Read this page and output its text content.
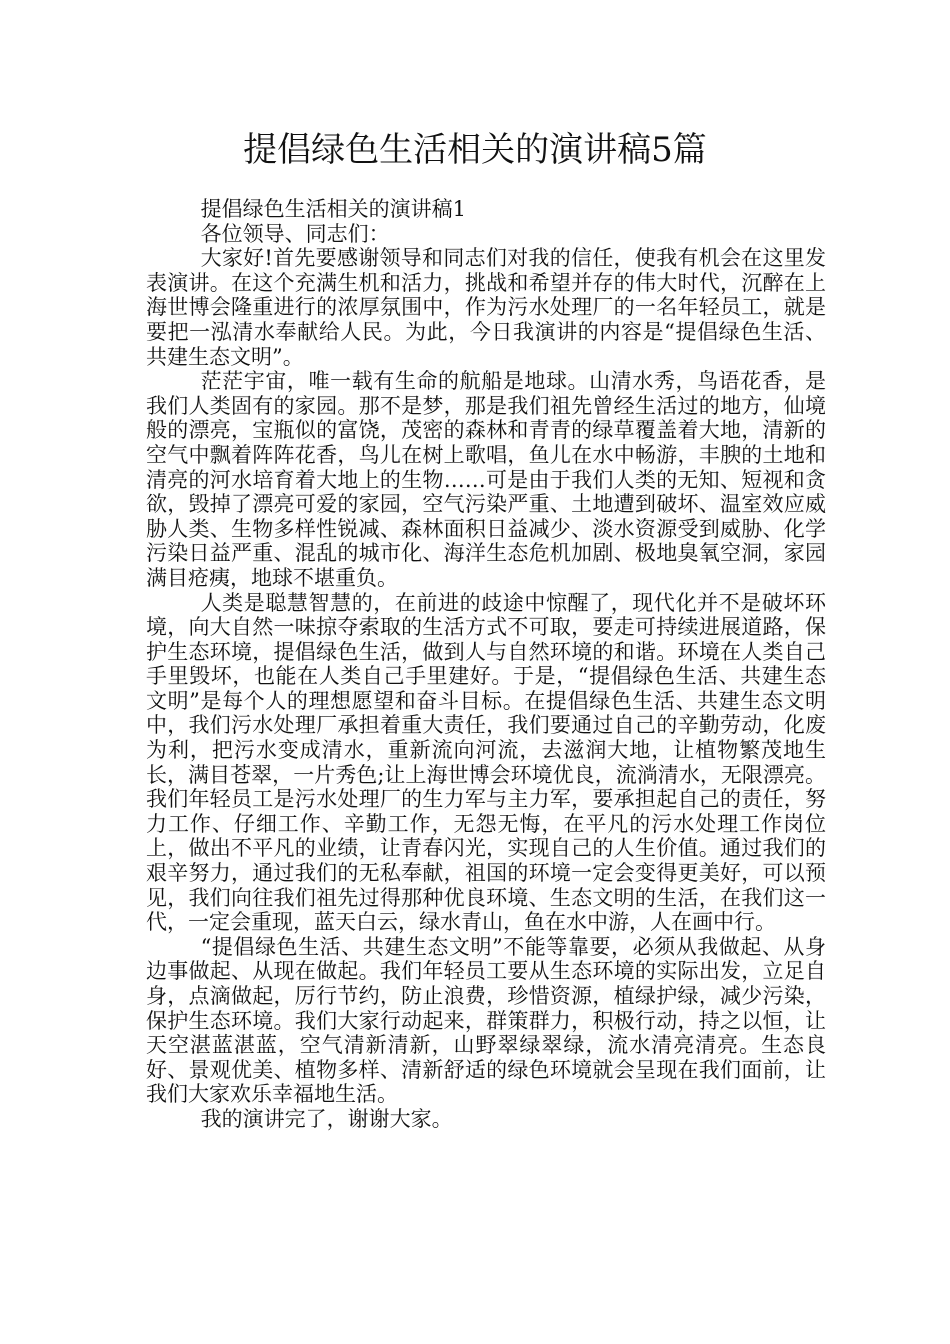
提倡绿色生活相关的演讲稿5篇

提倡绿色生活相关的演讲稿1

各位领导、同志们：

大家好!首先要感谢领导和同志们对我的信任，使我有机会在这里发表演讲。在这个充满生机和活力，挑战和希望并存的伟大时代，沉醉在上海世博会隆重进行的浓厚氛围中，作为污水处理厂的一名年轻员工，就是要把一泓清水奉献给人民。为此，今日我演讲的内容是“提倡绿色生活、共建生态文明”。

茫茫宇宙，唯一载有生命的航船是地球。山清水秀，鸟语花香，是我们人类固有的家园。那不是梦，那是我们祖先曾经生活过的地方，仙境般的漂亮，宝瓶似的富饶，茂密的森林和青青的绿草覆盖着大地，清新的空气中飘着阵阵花香，鸟儿在树上歌唱，鱼儿在水中畅游，丰腴的土地和清亮的河水培育着大地上的生物……可是由于我们人类的无知、短视和贪欲，毁掉了漂亮可爱的家园，空气污染严重、土地遭到破坏、温室效应威胁人类、生物多样性锐减、森林面积日益减少、淡水资源受到威胁、化学污染日益严重、混乱的城市化、海洋生态危机加剧、极地臭氧空洞，家园满目疮痍，地球不堪重负。

人类是聪慧智慧的，在前进的歧途中惊醒了，现代化并不是破坏环境，向大自然一味掠夺索取的生活方式不可取，要走可持续进展道路，保护生态环境，提倡绿色生活，做到人与自然环境的和谐。环境在人类自己手里毁坏，也能在人类自己手里建好。于是，“提倡绿色生活、共建生态文明”是每个人的理想愿望和奋斗目标。在提倡绿色生活、共建生态文明中，我们污水处理厂承担着重大责任，我们要通过自己的辛勤劳动，化废为利，把污水变成清水，重新流向河流，去滋润大地，让植物繁茂地生长，满目苍翠，一片秀色;让上海世博会环境优良，流淌清水，无限漂亮。我们年轻员工是污水处理厂的生力军与主力军，要承担起自己的责任，努力工作、仔细工作、辛勤工作，无怨无悔，在平凡的污水处理工作岗位上，做出不平凡的业绩，让青春闪光，实现自己的人生价值。通过我们的艰辛努力，通过我们的无私奉献，祖国的环境一定会变得更美好，可以预见，我们向往我们祖先过得那种优良环境、生态文明的生活，在我们这一代，一定会重现，蓝天白云，绿水青山，鱼在水中游，人在画中行。

“提倡绿色生活、共建生态文明”不能等靠要，必须从我做起、从身边事做起、从现在做起。我们年轻员工要从生态环境的实际出发，立足自身，点滴做起，厉行节约，防止浪费，珍惜资源，植绿护绿，减少污染，保护生态环境。我们大家行动起来，群策群力，积极行动，持之以恒，让天空湛蓝湛蓝，空气清新清新，山野翠绿翠绿，流水清亮清亮。生态良好、景观优美、植物多样、清新舒适的绿色环境就会呈现在我们面前，让我们大家欢乐幸福地生活。

我的演讲完了，谢谢大家。
